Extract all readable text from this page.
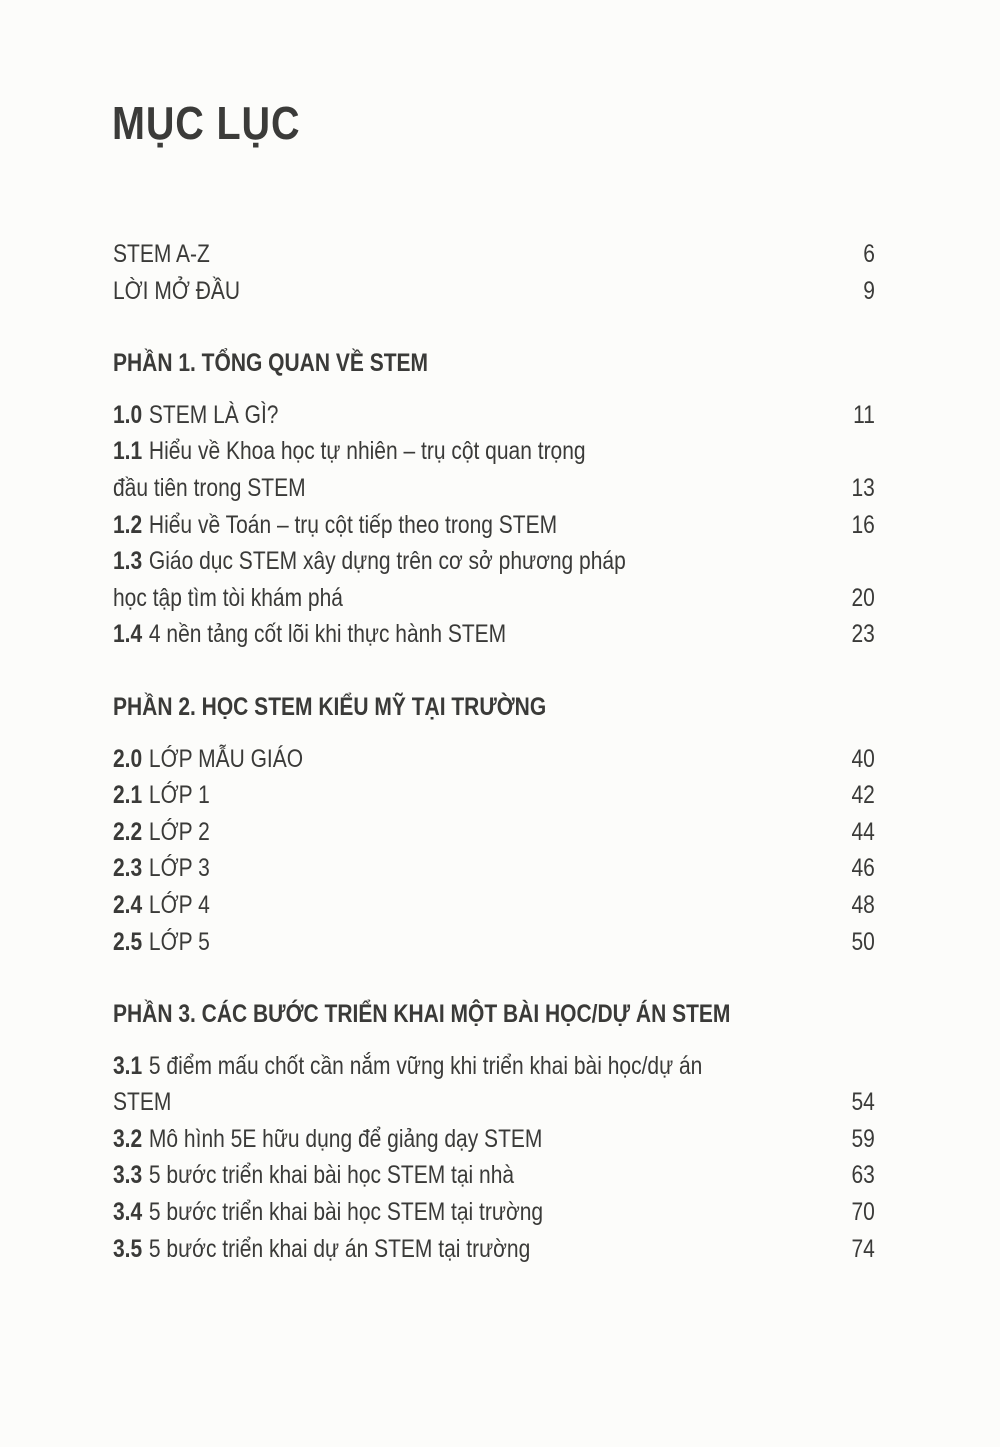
MỤC LỤC
STEM A-Z	6
LỜI MỞ ĐẦU	9
PHẦN 1. TỔNG QUAN VỀ STEM
1.0 STEM LÀ GÌ?	11
1.1 Hiểu về Khoa học tự nhiên – trụ cột quan trọng
đầu tiên trong STEM	13
1.2 Hiểu về Toán – trụ cột tiếp theo trong STEM	16
1.3 Giáo dục STEM xây dựng trên cơ sở phương pháp
học tập tìm tòi khám phá	20
1.4 4 nền tảng cốt lõi khi thực hành STEM	23
PHẦN 2. HỌC STEM KIỂU MỸ TẠI TRƯỜNG
2.0 LỚP MẪU GIÁO	40
2.1 LỚP 1	42
2.2 LỚP 2	44
2.3 LỚP 3	46
2.4 LỚP 4	48
2.5 LỚP 5	50
PHẦN 3. CÁC BƯỚC TRIỂN KHAI MỘT BÀI HỌC/DỰ ÁN STEM
3.1 5 điểm mấu chốt cần nắm vững khi triển khai bài học/dự án
STEM	54
3.2 Mô hình 5E hữu dụng để giảng dạy STEM	59
3.3 5 bước triển khai bài học STEM tại nhà	63
3.4 5 bước triển khai bài học STEM tại trường	70
3.5 5 bước triển khai dự án STEM tại trường	74
